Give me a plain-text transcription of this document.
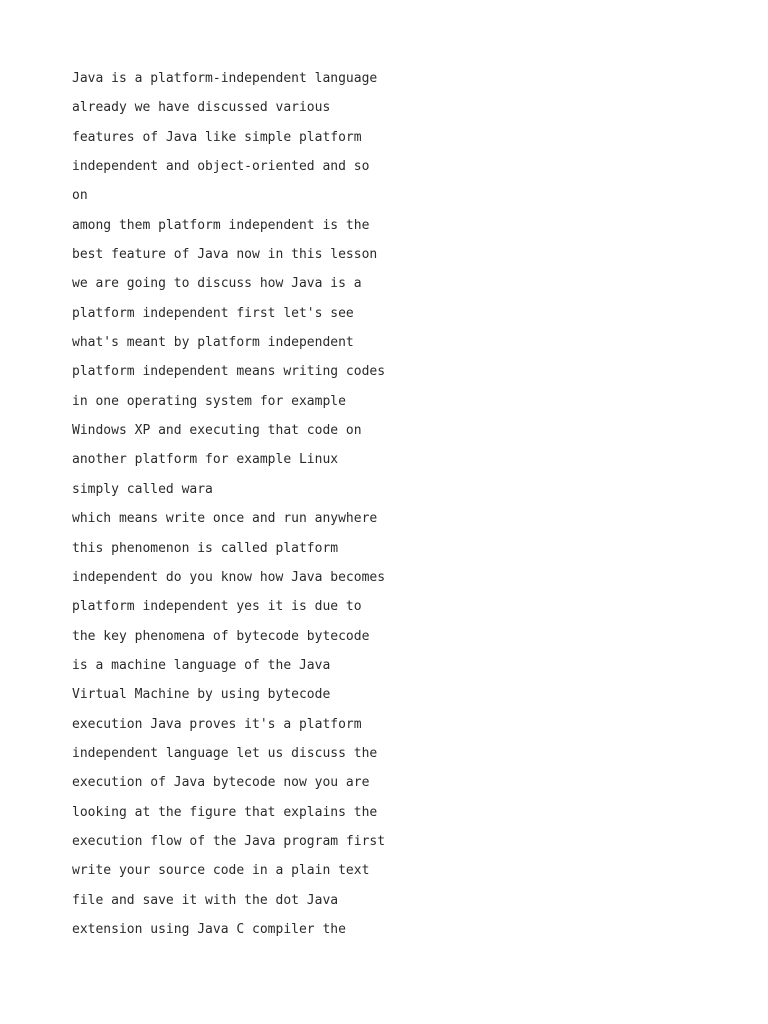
Java is a platform-independent language
already we have discussed various
features of Java like simple platform
independent and object-oriented and so
on
among them platform independent is the
best feature of Java now in this lesson
we are going to discuss how Java is a
platform independent first let's see
what's meant by platform independent
platform independent means writing codes
in one operating system for example
Windows XP and executing that code on
another platform for example Linux
simply called wara
which means write once and run anywhere
this phenomenon is called platform
independent do you know how Java becomes
platform independent yes it is due to
the key phenomena of bytecode bytecode
is a machine language of the Java
Virtual Machine by using bytecode
execution Java proves it's a platform
independent language let us discuss the
execution of Java bytecode now you are
looking at the figure that explains the
execution flow of the Java program first
write your source code in a plain text
file and save it with the dot Java
extension using Java C compiler the
